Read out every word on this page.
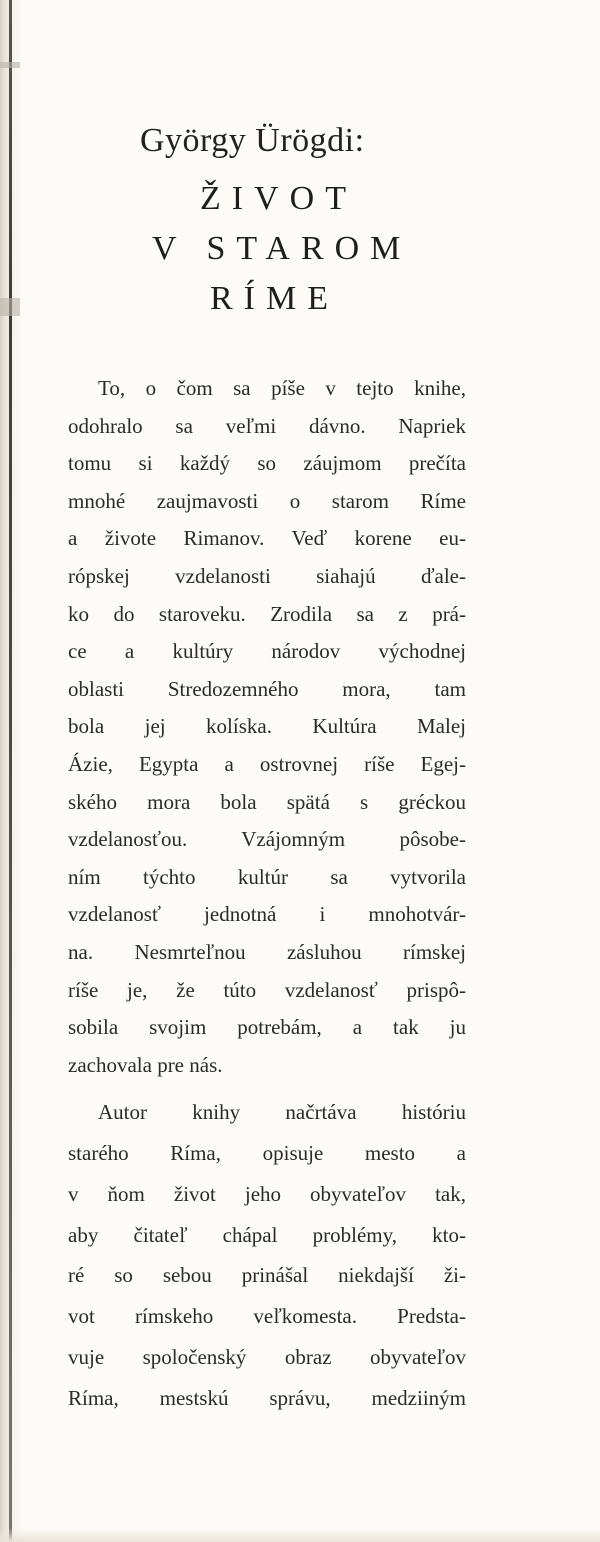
György Ürögdi:
ŽIVOT
V STAROM
RÍME
To, o čom sa píše v tejto knihe,
odohralo sa veľmi dávno. Napriek
tomu si každý so záujmom prečíta
mnohé zaujmavosti o starom Ríme
a živote Rimanov. Veď korene eu-
rópskej vzdelanosti siahajú ďale-
ko do staroveku. Zrodila sa z prá-
ce a kultúry národov východnej
oblasti Stredozemného mora, tam
bola jej kolíska. Kultúra Malej
Ázie, Egypta a ostrovnej ríše Egej-
ského mora bola spätá s gréckou
vzdelanosťou. Vzájomným pôsobe-
ním týchto kultúr sa vytvorila
vzdelanosť jednotná i mnohotvár-
na. Nesmrteľnou zásluhou rímskej
ríše je, že túto vzdelanosť prispô-
sobila svojim potrebám, a tak ju
zachovala pre nás.
Autor knihy načrtáva históriu
starého Ríma, opisuje mesto a
v ňom život jeho obyvateľov tak,
aby čitateľ chápal problémy, kto-
ré so sebou prinášal niekdajší ži-
vot rímskeho veľkomesta. Predsta-
vuje spoločenský obraz obyvateľov
Ríma, mestskú správu, medziiným
